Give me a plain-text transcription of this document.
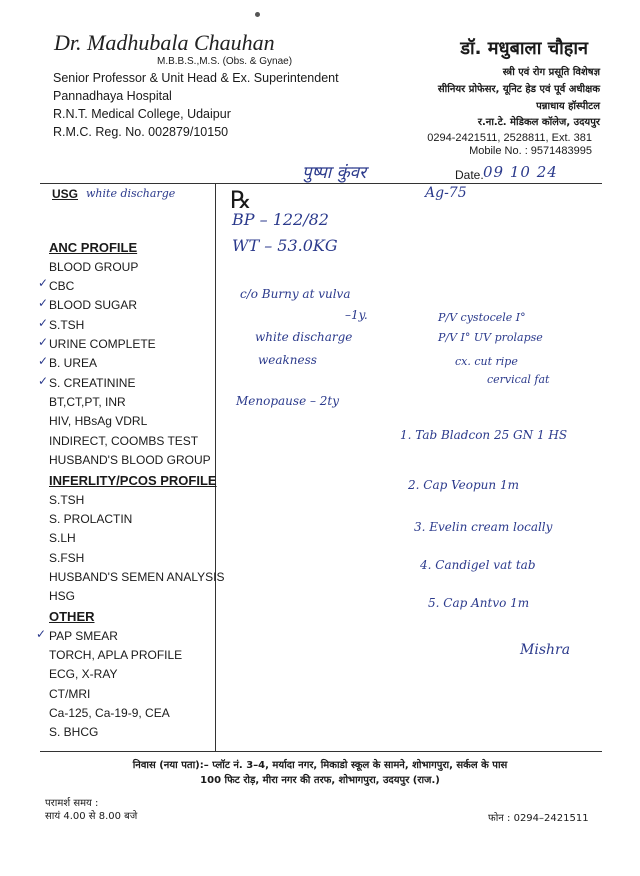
Dr. Madhubala Chauhan
M.B.B.S.,M.S. (Obs. & Gynae)
Senior Professor & Unit Head & Ex. Superintendent
Pannadhaya Hospital
R.N.T. Medical College, Udaipur
R.M.C. Reg. No. 002879/10150
डॉ. मधुबाला चौहान
स्त्री एवं रोग प्रसूति विशेषज्ञ
सीनियर प्रोफेसर, यूनिट हेड एवं पूर्व अधीक्षक
पन्नाधाय हॉस्पीटल
र.ना.टे. मेडिकल कॉलेज, उदयपुर
0294-2421511, 2528811, Ext. 381
Mobile No. : 9571483995
पुष्पा कुंवर	Date. 09 10 24
Ag-75
USG white discharge
ANC PROFILE
BLOOD GROUP
CBC
BLOOD SUGAR
S.TSH
URINE COMPLETE
B. UREA
S. CREATININE
BT,CT,PT, INR
HIV, HBsAg VDRL
INDIRECT, COOMBS TEST
HUSBAND'S BLOOD GROUP
✓
✓
✓
✓
✓
✓
✓
INFERLITY/PCOS PROFILE
S.TSH
S. PROLACTIN
S.LH
S.FSH
HUSBAND'S SEMEN ANALYSIS
HSG
OTHER
PAP SMEAR
TORCH, APLA PROFILE
ECG, X-RAY
CT/MRI
Ca-125, Ca-19-9, CEA
S. BHCG
℞
BP – 122/82
WT – 53.0KG
c/o Burny at vulva
–1y.
white discharge
weakness
Menopause – 2ty
P/V cystocele I°
P/V I° UV prolapse
cx. cut ripe
cervical fat
1. Tab Bladcon 25 GN 1 HS
2. Cap Veopun 1m
3. Evelin cream locally
4. Candigel vat tab
5. Cap Antvo 1m
Mishra
निवास (नया पता):– प्लॉट नं. 3–4, मर्यादा नगर, मिकाडो स्कूल के सामने, शोभागपुरा, सर्कल के पास
100 फिट रोड़, मीरा नगर की तरफ, शोभागपुरा, उदयपुर (राज.)
परामर्श समय :
सायं 4.00 से 8.00 बजे	फोन : 0294–2421511
